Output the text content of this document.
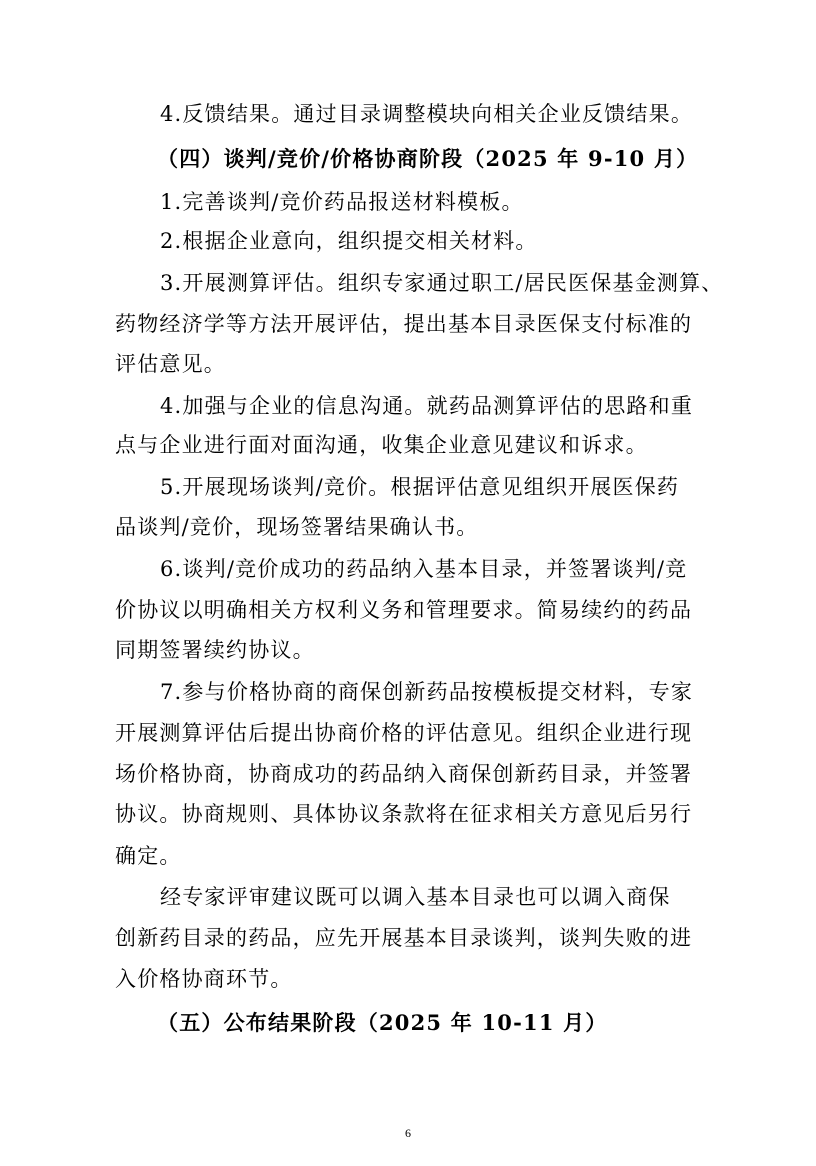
4.反馈结果。通过目录调整模块向相关企业反馈结果。

（四）谈判/竞价/价格协商阶段（2025 年 9-10 月）

1.完善谈判/竞价药品报送材料模板。

2.根据企业意向，组织提交相关材料。

3.开展测算评估。组织专家通过职工/居民医保基金测算、

药物经济学等方法开展评估，提出基本目录医保支付标准的

评估意见。

4.加强与企业的信息沟通。就药品测算评估的思路和重

点与企业进行面对面沟通，收集企业意见建议和诉求。

5.开展现场谈判/竞价。根据评估意见组织开展医保药

品谈判/竞价，现场签署结果确认书。

6.谈判/竞价成功的药品纳入基本目录，并签署谈判/竞

价协议以明确相关方权利义务和管理要求。简易续约的药品

同期签署续约协议。

7.参与价格协商的商保创新药品按模板提交材料，专家

开展测算评估后提出协商价格的评估意见。组织企业进行现

场价格协商，协商成功的药品纳入商保创新药目录，并签署

协议。协商规则、具体协议条款将在征求相关方意见后另行

确定。

经专家评审建议既可以调入基本目录也可以调入商保

创新药目录的药品，应先开展基本目录谈判，谈判失败的进

入价格协商环节。

（五）公布结果阶段（2025 年 10-11 月）

6
